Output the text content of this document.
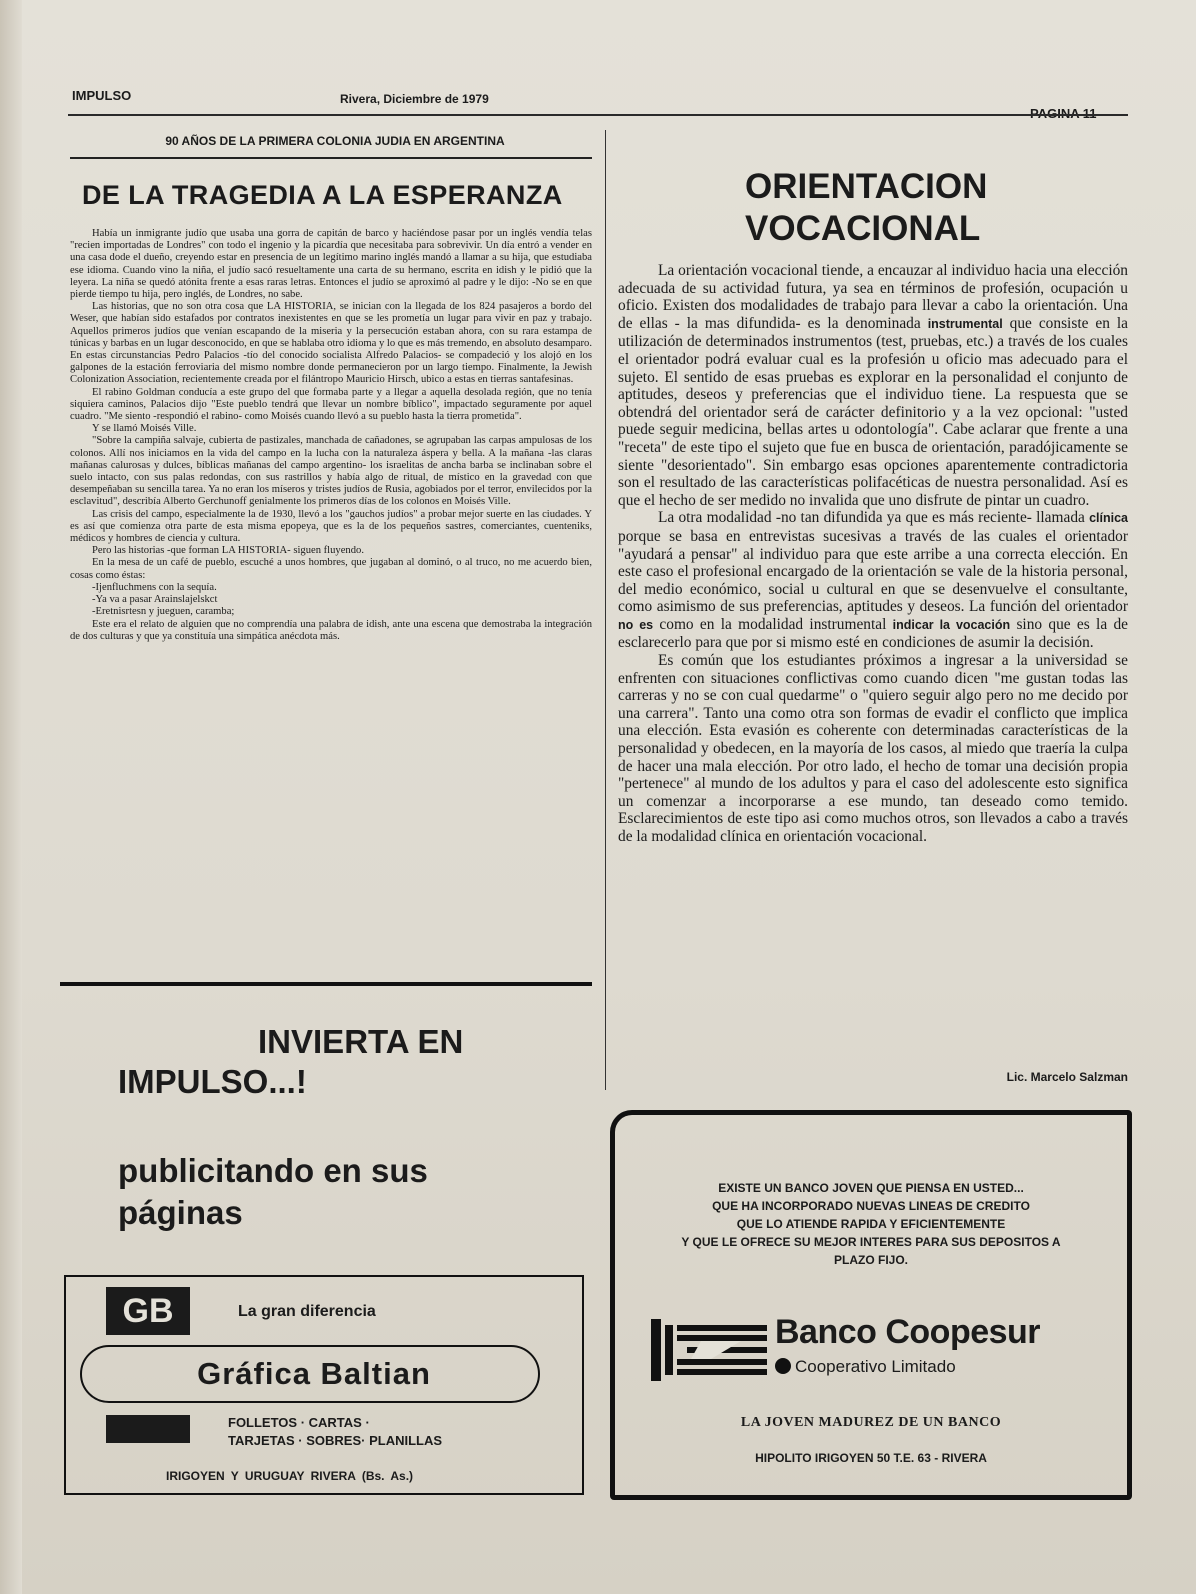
IMPULSO	Rivera, Diciembre de 1979
90 AÑOS DE LA PRIMERA COLONIA JUDIA EN ARGENTINA
DE LA TRAGEDIA A LA ESPERANZA

Había un inmigrante judío que usaba una gorra de capitán de barco y haciéndose pasar por un inglés vendía telas "recien importadas de Londres" con todo el ingenio y la picardía que necesitaba para sobrevivir. Un día entró a vender en una casa dode el dueño, creyendo estar en presencia de un legítimo marino inglés mandó a llamar a su hija, que estudiaba ese idioma. Cuando vino la niña, el judío sacó resueltamente una carta de su hermano, escrita en idish y le pidió que la leyera. La niña se quedó atónita frente a esas raras letras. Entonces el judío se aproximó al padre y le dijo: -No se en que pierde tiempo tu hija, pero inglés, de Londres, no sabe.

Las historias, que no son otra cosa que LA HISTORIA, se inician con la llegada de los 824 pasajeros a bordo del Weser, que habían sido estafados por contratos inexistentes en que se les prometía un lugar para vivir en paz y trabajo. Aquellos primeros judíos que venían escapando de la miseria y la persecución estaban ahora, con su rara estampa de túnicas y barbas en un lugar desconocido, en que se hablaba otro idioma y lo que es más tremendo, en absoluto desamparo. En estas circunstancias Pedro Palacios -tío del conocido socialista Alfredo Palacios- se compadeció y los alojó en los galpones de la estación ferroviaria del mismo nombre donde permanecieron por un largo tiempo. Finalmente, la Jewish Colonization Association, recientemente creada por el filántropo Mauricio Hirsch, ubico a estas en tierras santafesinas.

El rabino Goldman conducía a este grupo del que formaba parte y a llegar a aquella desolada región, que no tenía siquiera caminos, Palacios dijo "Este pueblo tendrá que llevar un nombre bíblico", impactado seguramente por aquel cuadro. "Me siento -respondió el rabino- como Moisés cuando llevó a su pueblo hasta la tierra prometida".

Y se llamó Moisés Ville.

"Sobre la campiña salvaje, cubierta de pastizales, manchada de cañadones, se agrupaban las carpas ampulosas de los colonos. Allí nos iniciamos en la vida del campo en la lucha con la naturaleza áspera y bella. A la mañana -las claras mañanas calurosas y dulces, bíblicas mañanas del campo argentino- los israelitas de ancha barba se inclinaban sobre el suelo intacto, con sus palas redondas, con sus rastrillos y había algo de ritual, de místico en la gravedad con que desempeñaban su sencilla tarea. Ya no eran los míseros y tristes judíos de Rusia, agobiados por el terror, envilecidos por la esclavitud", describía Alberto Gerchunoff genialmente los primeros días de los colonos en Moisés Ville.

Las crisis del campo, especialmente la de 1930, llevó a los "gauchos judíos" a probar mejor suerte en las ciudades. Y es así que comienza otra parte de esta misma epopeya, que es la de los pequeños sastres, comerciantes, cuenteniks, médicos y hombres de ciencia y cultura.

Pero las historias -que forman LA HISTORIA- siguen fluyendo.

En la mesa de un café de pueblo, escuché a unos hombres, que jugaban al dominó, o al truco, no me acuerdo bien, cosas como éstas:

-Ijenfluchmens con la sequía.

-Ya va a pasar Arainslajelskct

-Eretnisrtesn y jueguen, caramba;

Este era el relato de alguien que no comprendía una palabra de idish, ante una escena que demostraba la integración de dos culturas y que ya constituía una simpática anécdota más.

INVIERTA EN
IMPULSO...!
publicitando en sus
páginas
GB	La gran diferencia
Gráfica Baltian
FOLLETOS · CARTAS ·
TARJETAS · SOBRES· PLANILLAS
IRIGOYEN Y URUGUAY RIVERA (Bs. As.)
ORIENTACION
VOCACIONAL

La orientación vocacional tiende, a encauzar al individuo hacia una elección adecuada de su actividad futura, ya sea en términos de profesión, ocupación u oficio. Existen dos modalidades de trabajo para llevar a cabo la orientación. Una de ellas - la mas difundida- es la denominada instrumental que consiste en la utilización de determinados instrumentos (test, pruebas, etc.) a través de los cuales el orientador podrá evaluar cual es la profesión u oficio mas adecuado para el sujeto. El sentido de esas pruebas es explorar en la personalidad el conjunto de aptitudes, deseos y preferencias que el individuo tiene. La respuesta que se obtendrá del orientador será de carácter definitorio y a la vez opcional: "usted puede seguir medicina, bellas artes u odontología". Cabe aclarar que frente a una "receta" de este tipo el sujeto que fue en busca de orientación, paradójicamente se siente "desorientado". Sin embargo esas opciones aparentemente contradictoria son el resultado de las características polifacéticas de nuestra personalidad. Así es que el hecho de ser medido no invalida que uno disfrute de pintar un cuadro.

La otra modalidad -no tan difundida ya que es más reciente- llamada clínica porque se basa en entrevistas sucesivas a través de las cuales el orientador "ayudará a pensar" al individuo para que este arribe a una correcta elección. En este caso el profesional encargado de la orientación se vale de la historia personal, del medio económico, social u cultural en que se desenvuelve el consultante, como asimismo de sus preferencias, aptitudes y deseos. La función del orientador no es como en la modalidad instrumental indicar la vocación sino que es la de esclarecerlo para que por si mismo esté en condiciones de asumir la decisión.

Es común que los estudiantes próximos a ingresar a la universidad se enfrenten con situaciones conflictivas como cuando dicen "me gustan todas las carreras y no se con cual quedarme" o "quiero seguir algo pero no me decido por una carrera". Tanto una como otra son formas de evadir el conflicto que implica una elección. Esta evasión es coherente con determinadas características de la personalidad y obedecen, en la mayoría de los casos, al miedo que traería la culpa de hacer una mala elección. Por otro lado, el hecho de tomar una decisión propia "pertenece" al mundo de los adultos y para el caso del adolescente esto significa un comenzar a incorporarse a ese mundo, tan deseado como temido. Esclarecimientos de este tipo asi como muchos otros, son llevados a cabo a través de la modalidad clínica en orientación vocacional.

Lic. Marcelo Salzman
EXISTE UN BANCO JOVEN QUE PIENSA EN USTED...
QUE HA INCORPORADO NUEVAS LINEAS DE CREDITO
QUE LO ATIENDE RAPIDA Y EFICIENTEMENTE
Y QUE LE OFRECE SU MEJOR INTERES PARA SUS DEPOSITOS A
PLAZO FIJO.
Banco Coopesur
Cooperativo Limitado
LA JOVEN MADUREZ DE UN BANCO
HIPOLITO IRIGOYEN 50 T.E. 63 - RIVERA
